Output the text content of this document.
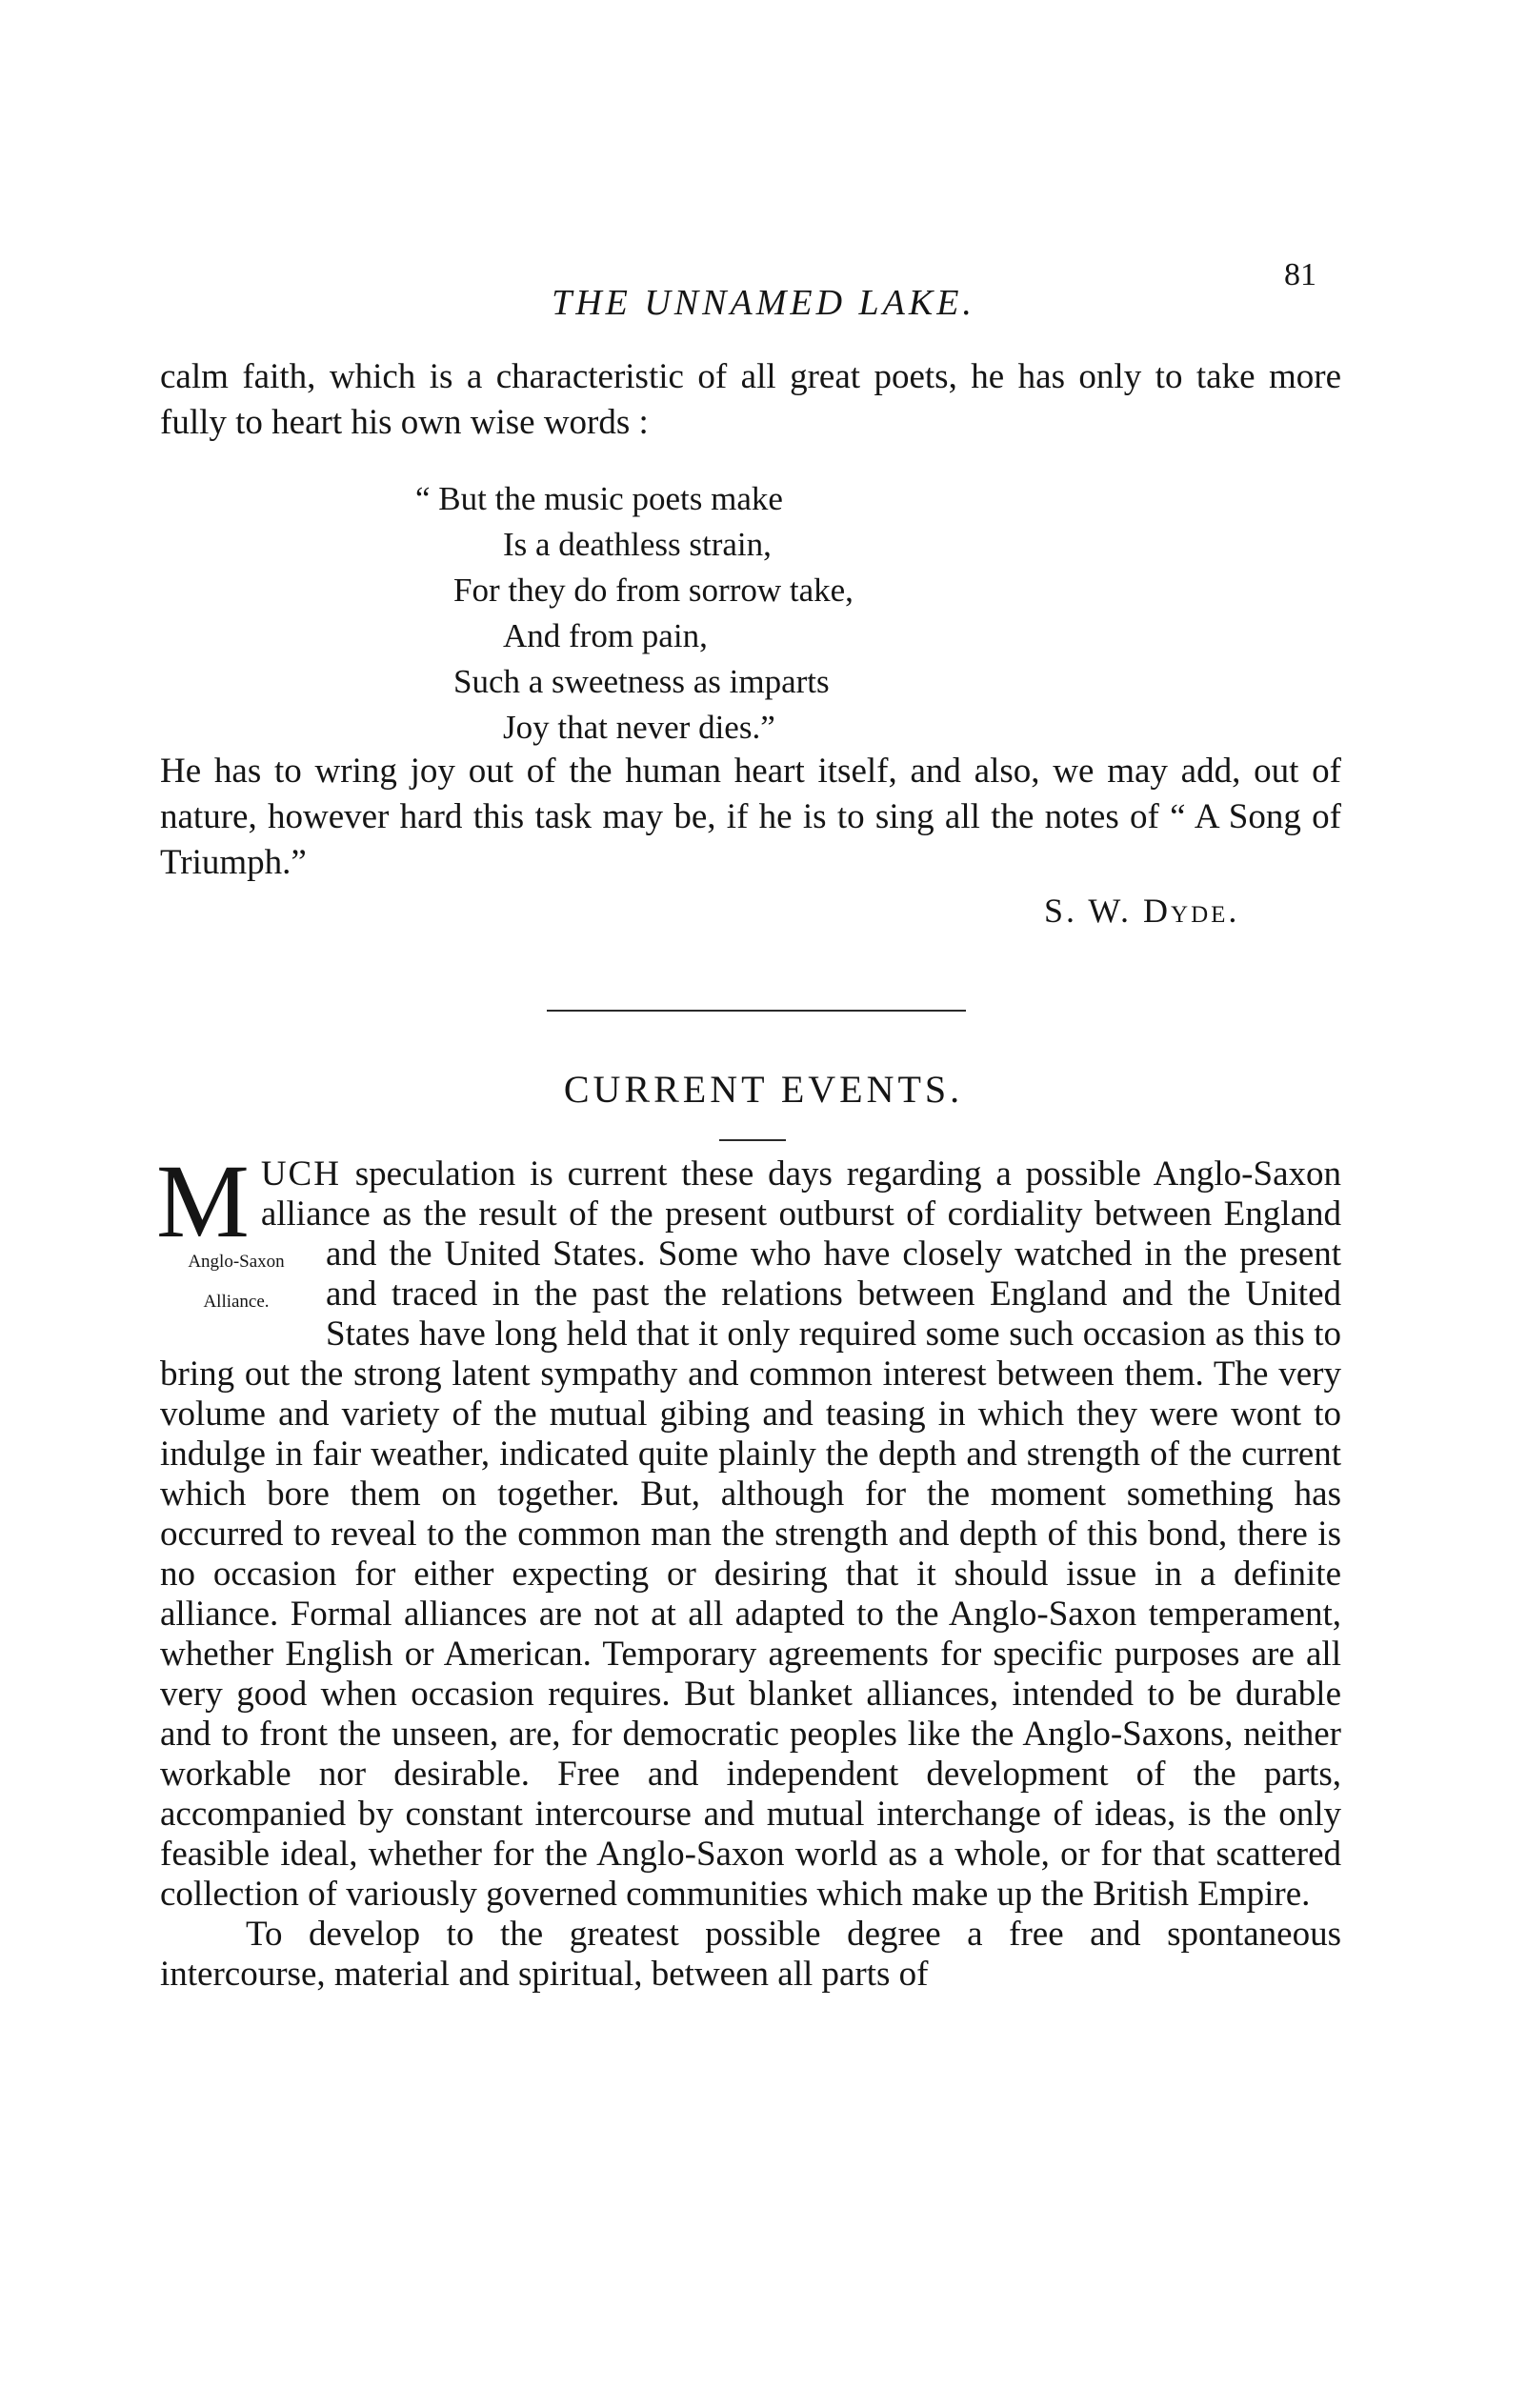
THE UNNAMED LAKE.
81
calm faith, which is a characteristic of all great poets, he has only to take more fully to heart his own wise words :
“ But the music poets make
Is a deathless strain,
For they do from sorrow take,
And from pain,
Such a sweetness as imparts
Joy that never dies.”
He has to wring joy out of the human heart itself, and also, we may add, out of nature, however hard this task may be, if he is to sing all the notes of “ A Song of Triumph.”
S. W. Dyde.
CURRENT EVENTS.

M UCH
Anglo-Saxon
Alliance.
speculation is current these days regarding a possible Anglo-Saxon alliance as the result of the present outburst of cordiality between England and the United States. Some who have closely watched in the present and traced in the past the relations between England and the United States have long held that it only required some such occasion as this to bring out the strong latent sympathy and common interest between them. The very volume and variety of the mutual gibing and teasing in which they were wont to indulge in fair weather, indicated quite plainly the depth and strength of the current which bore them on together. But, although for the moment something has occurred to reveal to the common man the strength and depth of this bond, there is no occasion for either expecting or desiring that it should issue in a definite alliance. Formal alliances are not at all adapted to the Anglo-Saxon temperament, whether English or American. Temporary agreements for specific purposes are all very good when occasion requires. But blanket alliances, intended to be durable and to front the unseen, are, for democratic peoples like the Anglo-Saxons, neither workable nor desirable. Free and independent development of the parts, accompanied by constant intercourse and mutual interchange of ideas, is the only feasible ideal, whether for the Anglo-Saxon world as a whole, or for that scattered collection of variously governed communities which make up the British Empire.

To develop to the greatest possible degree a free and spontaneous intercourse, material and spiritual, between all parts of
